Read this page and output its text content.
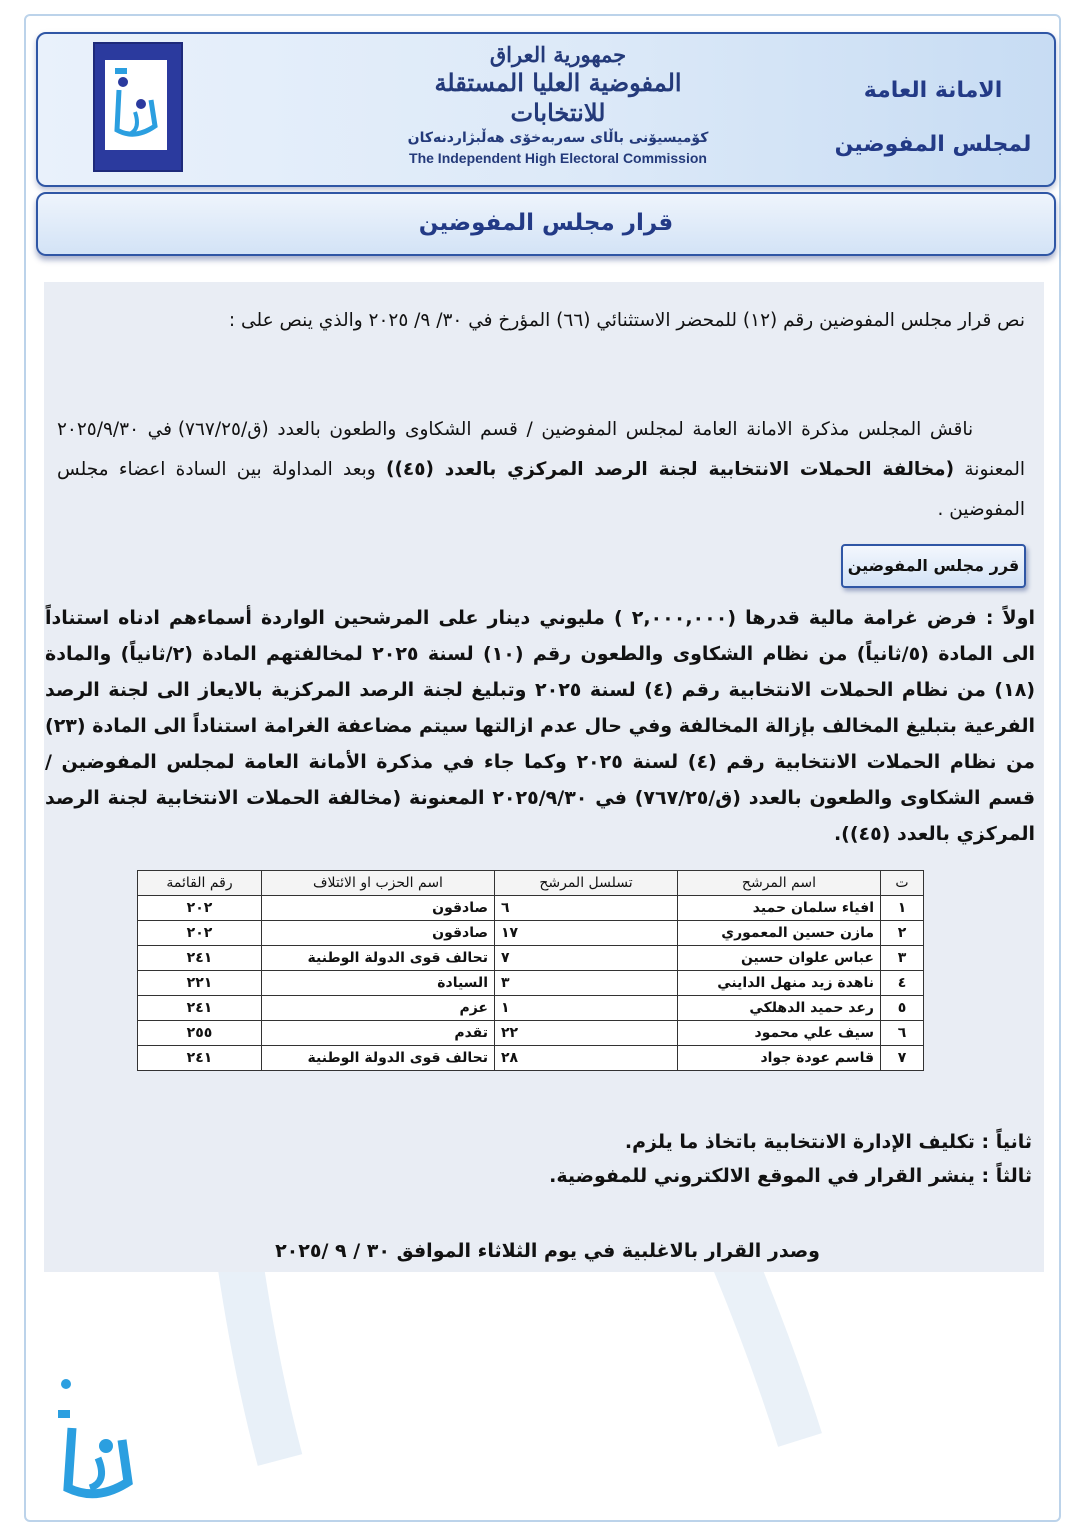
جمهورية العراق
المفوضية العليا المستقلة للانتخابات
كۆمیسیۆنی باڵای سەربەخۆی هەڵبژاردنەکان
The Independent High Electoral Commission
الامانة العامة
لمجلس المفوضين
قرار مجلس المفوضين
نص قرار مجلس المفوضين رقم (١٢) للمحضر الاستثنائي (٦٦) المؤرخ في ٣٠/ ٩/ ٢٠٢٥ والذي ينص على :
ناقش المجلس مذكرة الامانة العامة لمجلس المفوضين / قسم الشكاوى والطعون بالعدد (ق/٧٦٧/٢٥) في ٢٠٢٥/٩/٣٠ المعنونة (مخالفة الحملات الانتخابية لجنة الرصد المركزي بالعدد (٤٥)) وبعد المداولة بين السادة اعضاء مجلس المفوضين .
قرر مجلس المفوضين
اولاً : فرض غرامة مالية قدرها (٢,٠٠٠,٠٠٠ ) مليوني دينار على المرشحين الواردة أسماءهم ادناه استناداً الى المادة (٥/ثانياً) من نظام الشكاوى والطعون رقم (١٠) لسنة ٢٠٢٥ لمخالفتهم المادة (٢/ثانياً) والمادة (١٨) من نظام الحملات الانتخابية رقم (٤) لسنة ٢٠٢٥ وتبليغ لجنة الرصد المركزية بالايعاز الى لجنة الرصد الفرعية بتبليغ المخالف بإزالة المخالفة وفي حال عدم ازالتها سيتم مضاعفة الغرامة استناداً الى المادة (٢٣) من نظام الحملات الانتخابية رقم (٤) لسنة ٢٠٢٥ وكما جاء في مذكرة الأمانة العامة لمجلس المفوضين / قسم الشكاوى والطعون بالعدد (ق/٧٦٧/٢٥) في ٢٠٢٥/٩/٣٠ المعنونة (مخالفة الحملات الانتخابية لجنة الرصد المركزي بالعدد (٤٥)).
ت	اسم المرشح	تسلسل المرشح	اسم الحزب او الائتلاف	رقم القائمة
١	افياء سلمان حميد	٦	صادقون	٢٠٢
٢	مازن حسين المعموري	١٧	صادقون	٢٠٢
٣	عباس علوان حسين	٧	تحالف قوى الدولة الوطنية	٢٤١
٤	ناهدة زيد منهل الدايني	٣	السيادة	٢٢١
٥	رعد حميد الدهلكي	١	عزم	٢٤١
٦	سيف علي محمود	٢٢	تقدم	٢٥٥
٧	قاسم عودة جواد	٢٨	تحالف قوى الدولة الوطنية	٢٤١
ثانياً : تكليف الإدارة الانتخابية باتخاذ ما يلزم.
ثالثاً : ينشر القرار في الموقع الالكتروني للمفوضية.
وصدر القرار بالاغلبية في يوم الثلاثاء الموافق ٣٠ / ٩ /٢٠٢٥
